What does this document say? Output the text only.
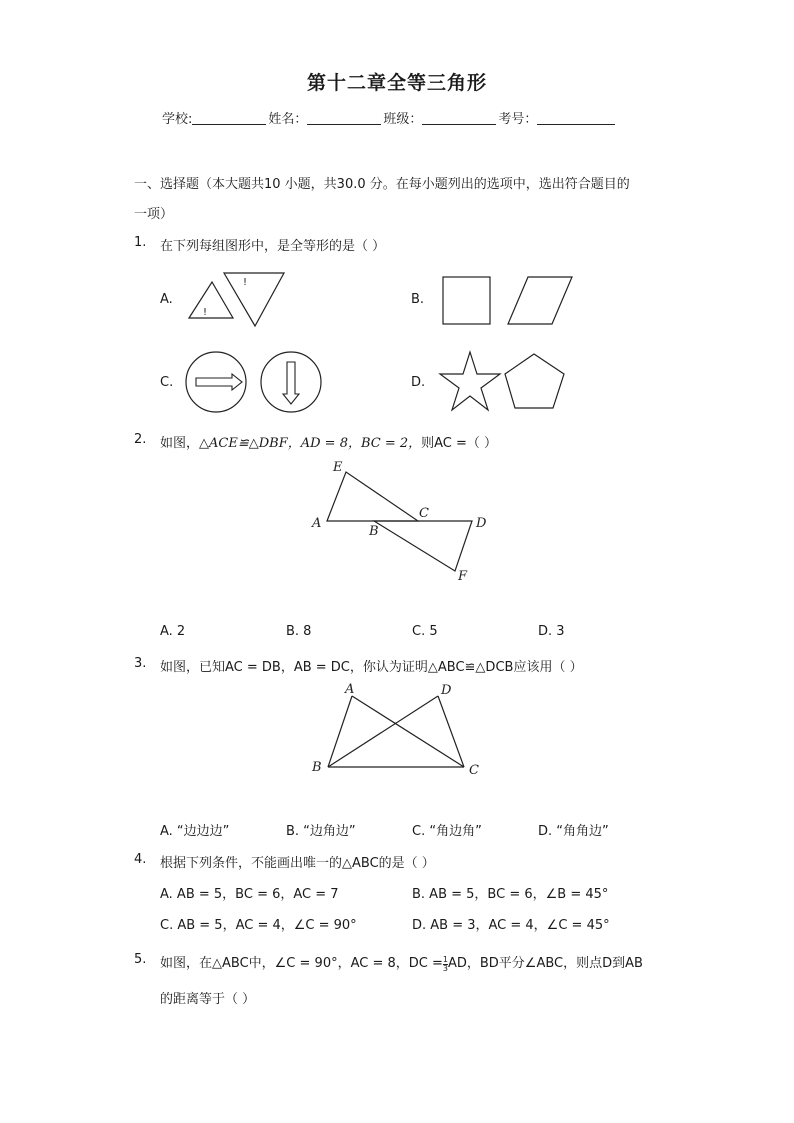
第十二章全等三角形
学校:	姓名：	班级：	考号：
一、选择题（本大题共10 小题，共30.0 分。在每小题列出的选项中，选出符合题目的
一项）
1. 在下列每组图形中，是全等形的是（ ）
A.
!
!
B.
C.	D.
2. 如图，△ACE≌△DBF，AD = 8，BC = 2，则AC =（ ）
E
A
B
C
D
F
A. 2	B. 8	C. 5	D. 3
3. 如图，已知AC = DB，AB = DC，你认为证明△ABC≌△DCB应该用（ ）
A	D
B	C
A. “边边边”	B. “边角边”	C. “角边角”	D. “角角边”
4. 根据下列条件，不能画出唯一的△ABC的是（ ）
A. AB = 5，BC = 6，AC = 7	B. AB = 5，BC = 6，∠B = 45°
C. AB = 5，AC = 4，∠C = 90°	D. AB = 3，AC = 4，∠C = 45°
5. 如图，在△ABC中，∠C = 90°，AC = 8，DC = $\frac{1}{3}$ AD，BD平分∠ABC，则点D到AB
的距离等于（ ）
